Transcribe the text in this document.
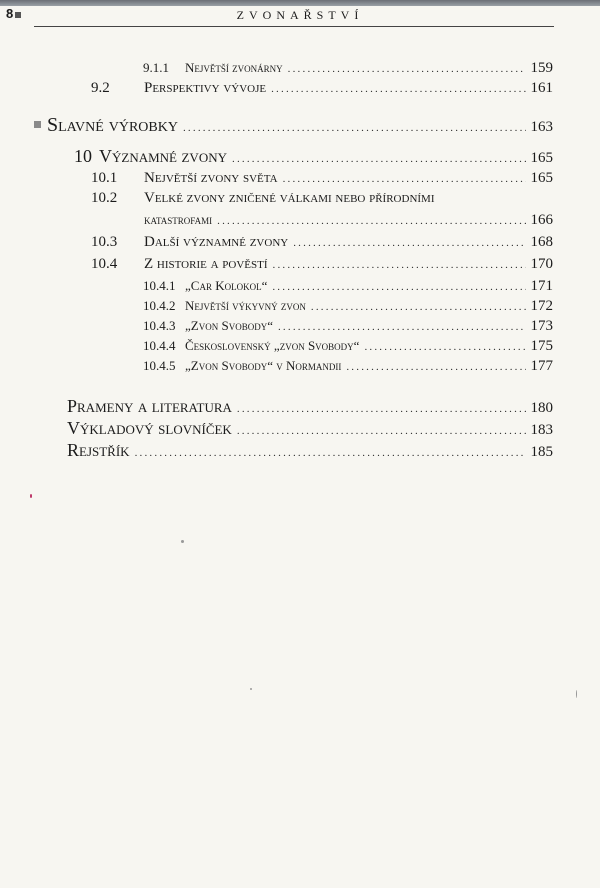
8	ZVONAŘSTVÍ
9.1.1	Největší zvonárny .....	159
9.2	Perspektivy vývoje .....	161
Slavné výrobky .....	163
10 Významné zvony .....	165
10.1	Největší zvony světa .....	165
10.2	Velké zvony zničené válkami nebo přírodními
katastrofami .....	166
10.3	Další významné zvony .....	168
10.4	Z historie a pověstí .....	170
10.4.1 „Car Kolokol“ .....	171
10.4.2 Největší výkyvný zvon .....	172
10.4.3 „Zvon Svobody“ .....	173
10.4.4 Československý „zvon Svobody“ .....	175
10.4.5 „Zvon Svobody“ v Normandii .....	177
Prameny a literatura .....	180
Výkladový slovníček .....	183
Rejstřík .....	185
